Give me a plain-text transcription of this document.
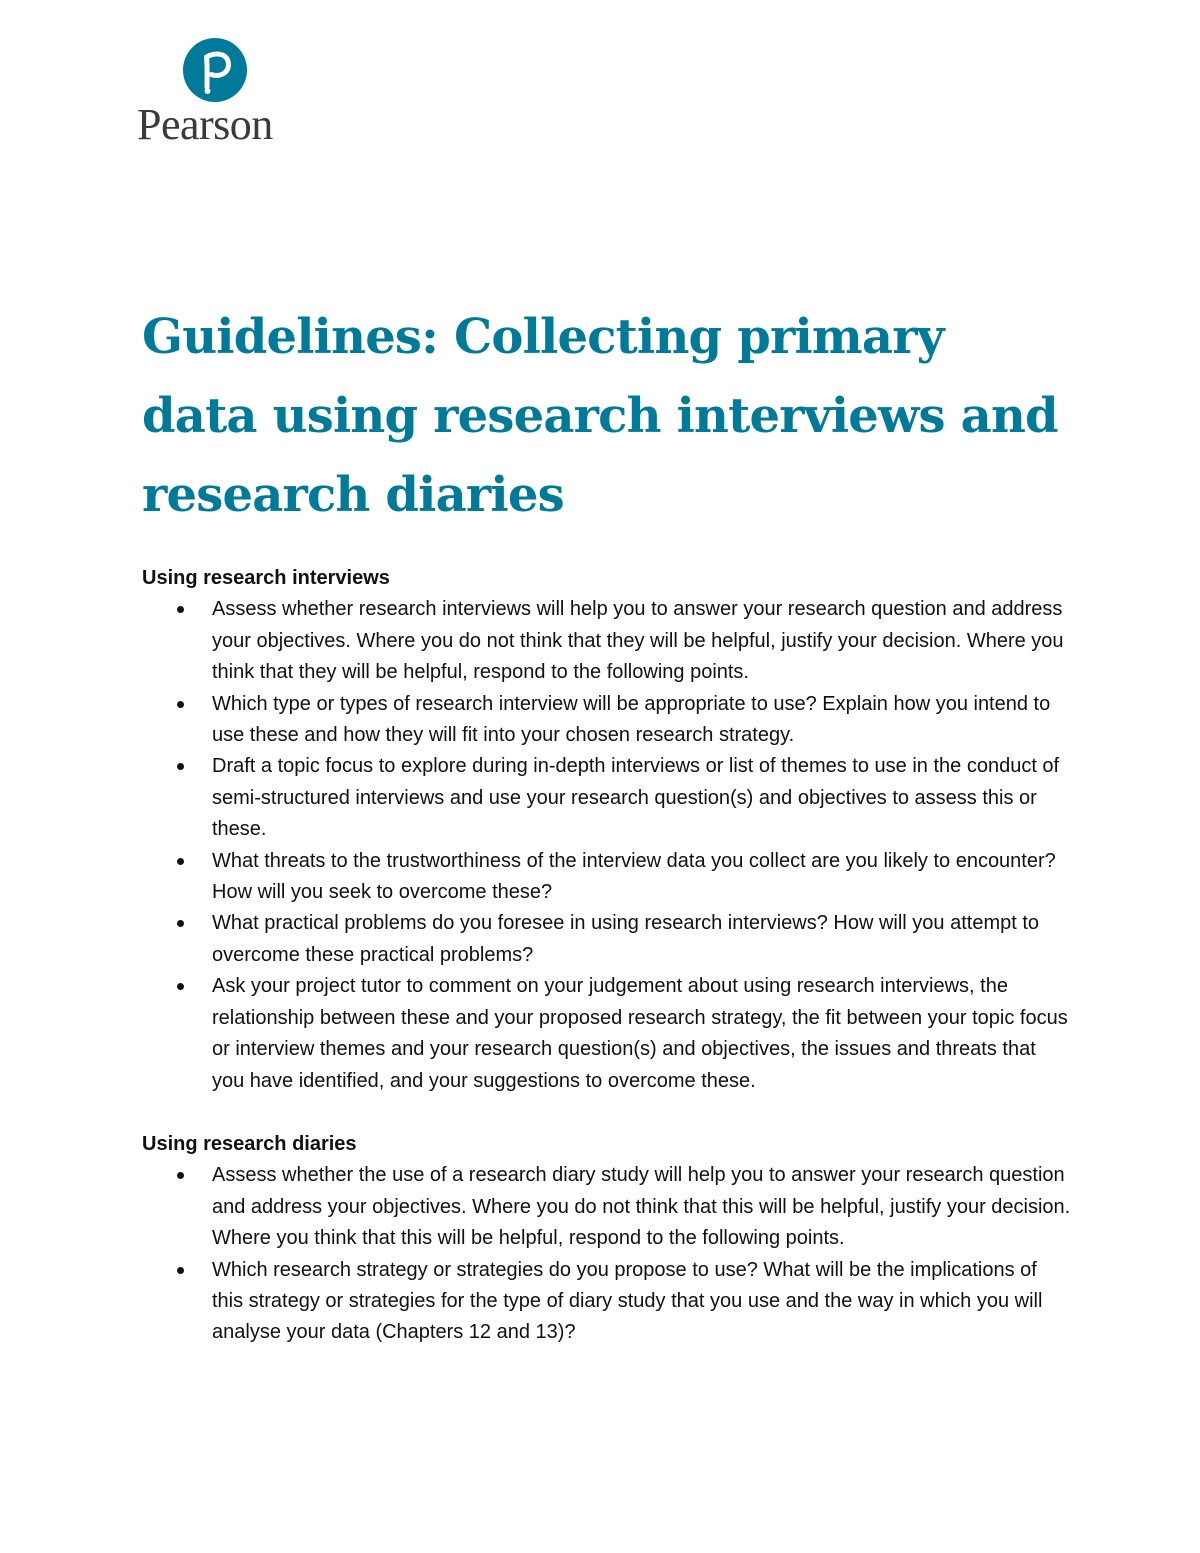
Pearson
Guidelines: Collecting primary data using research interviews and research diaries

Using research interviews

Assess whether research interviews will help you to answer your research question and address your objectives. Where you do not think that they will be helpful, justify your decision. Where you think that they will be helpful, respond to the following points.
Which type or types of research interview will be appropriate to use? Explain how you intend to use these and how they will fit into your chosen research strategy.
Draft a topic focus to explore during in-depth interviews or list of themes to use in the conduct of semi-structured interviews and use your research question(s) and objectives to assess this or these.
What threats to the trustworthiness of the interview data you collect are you likely to encounter? How will you seek to overcome these?
What practical problems do you foresee in using research interviews? How will you attempt to overcome these practical problems?
Ask your project tutor to comment on your judgement about using research interviews, the relationship between these and your proposed research strategy, the fit between your topic focus or interview themes and your research question(s) and objectives, the issues and threats that you have identified, and your suggestions to overcome these.

Using research diaries

Assess whether the use of a research diary study will help you to answer your research question and address your objectives. Where you do not think that this will be helpful, justify your decision. Where you think that this will be helpful, respond to the following points.
Which research strategy or strategies do you propose to use? What will be the implications of this strategy or strategies for the type of diary study that you use and the way in which you will analyse your data (Chapters 12 and 13)?
